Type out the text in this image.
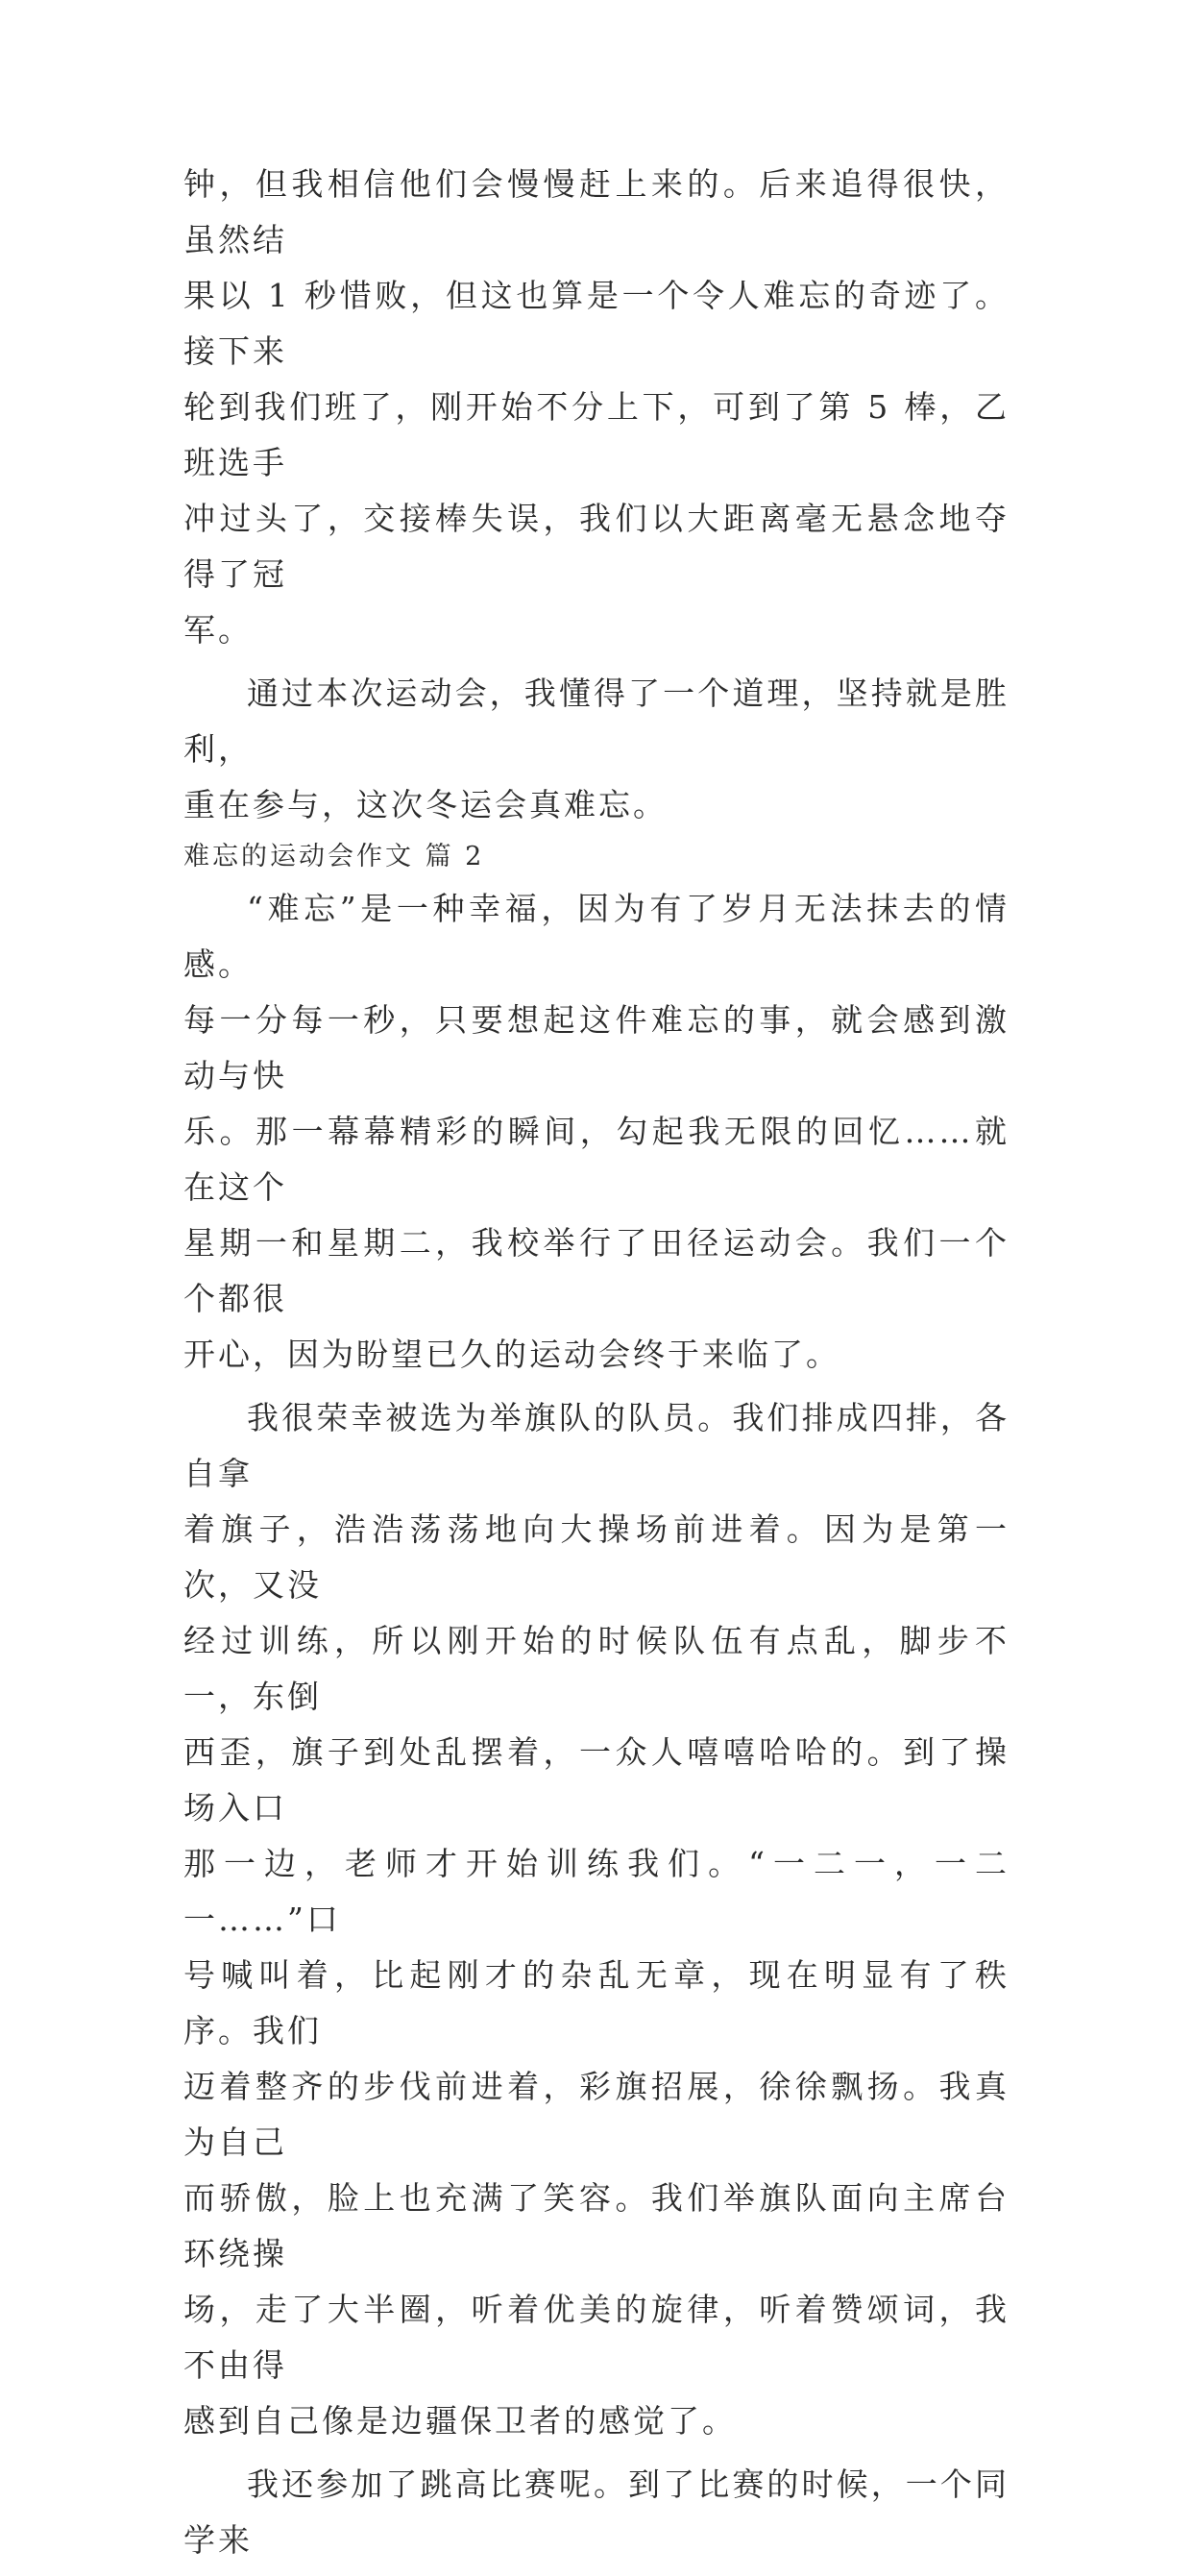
钟，但我相信他们会慢慢赶上来的。后来追得很快，虽然结
果以 1 秒惜败，但这也算是一个令人难忘的奇迹了。接下来
轮到我们班了，刚开始不分上下，可到了第 5 棒，乙班选手
冲过头了，交接棒失误，我们以大距离毫无悬念地夺得了冠
军。

通过本次运动会，我懂得了一个道理，坚持就是胜利，
重在参与，这次冬运会真难忘。

难忘的运动会作文 篇 2

“难忘”是一种幸福，因为有了岁月无法抹去的情感。
每一分每一秒，只要想起这件难忘的事，就会感到激动与快
乐。那一幕幕精彩的瞬间，勾起我无限的回忆……就在这个
星期一和星期二，我校举行了田径运动会。我们一个个都很
开心，因为盼望已久的运动会终于来临了。

我很荣幸被选为举旗队的队员。我们排成四排，各自拿
着旗子，浩浩荡荡地向大操场前进着。因为是第一次，又没
经过训练，所以刚开始的时候队伍有点乱，脚步不一，东倒
西歪，旗子到处乱摆着，一众人嘻嘻哈哈的。到了操场入口
那一边，老师才开始训练我们。“一二一，一二一……”口
号喊叫着，比起刚才的杂乱无章，现在明显有了秩序。我们
迈着整齐的步伐前进着，彩旗招展，徐徐飘扬。我真为自己
而骄傲，脸上也充满了笑容。我们举旗队面向主席台环绕操
场，走了大半圈，听着优美的旋律，听着赞颂词，我不由得
感到自己像是边疆保卫者的感觉了。

我还参加了跳高比赛呢。到了比赛的时候，一个同学来
